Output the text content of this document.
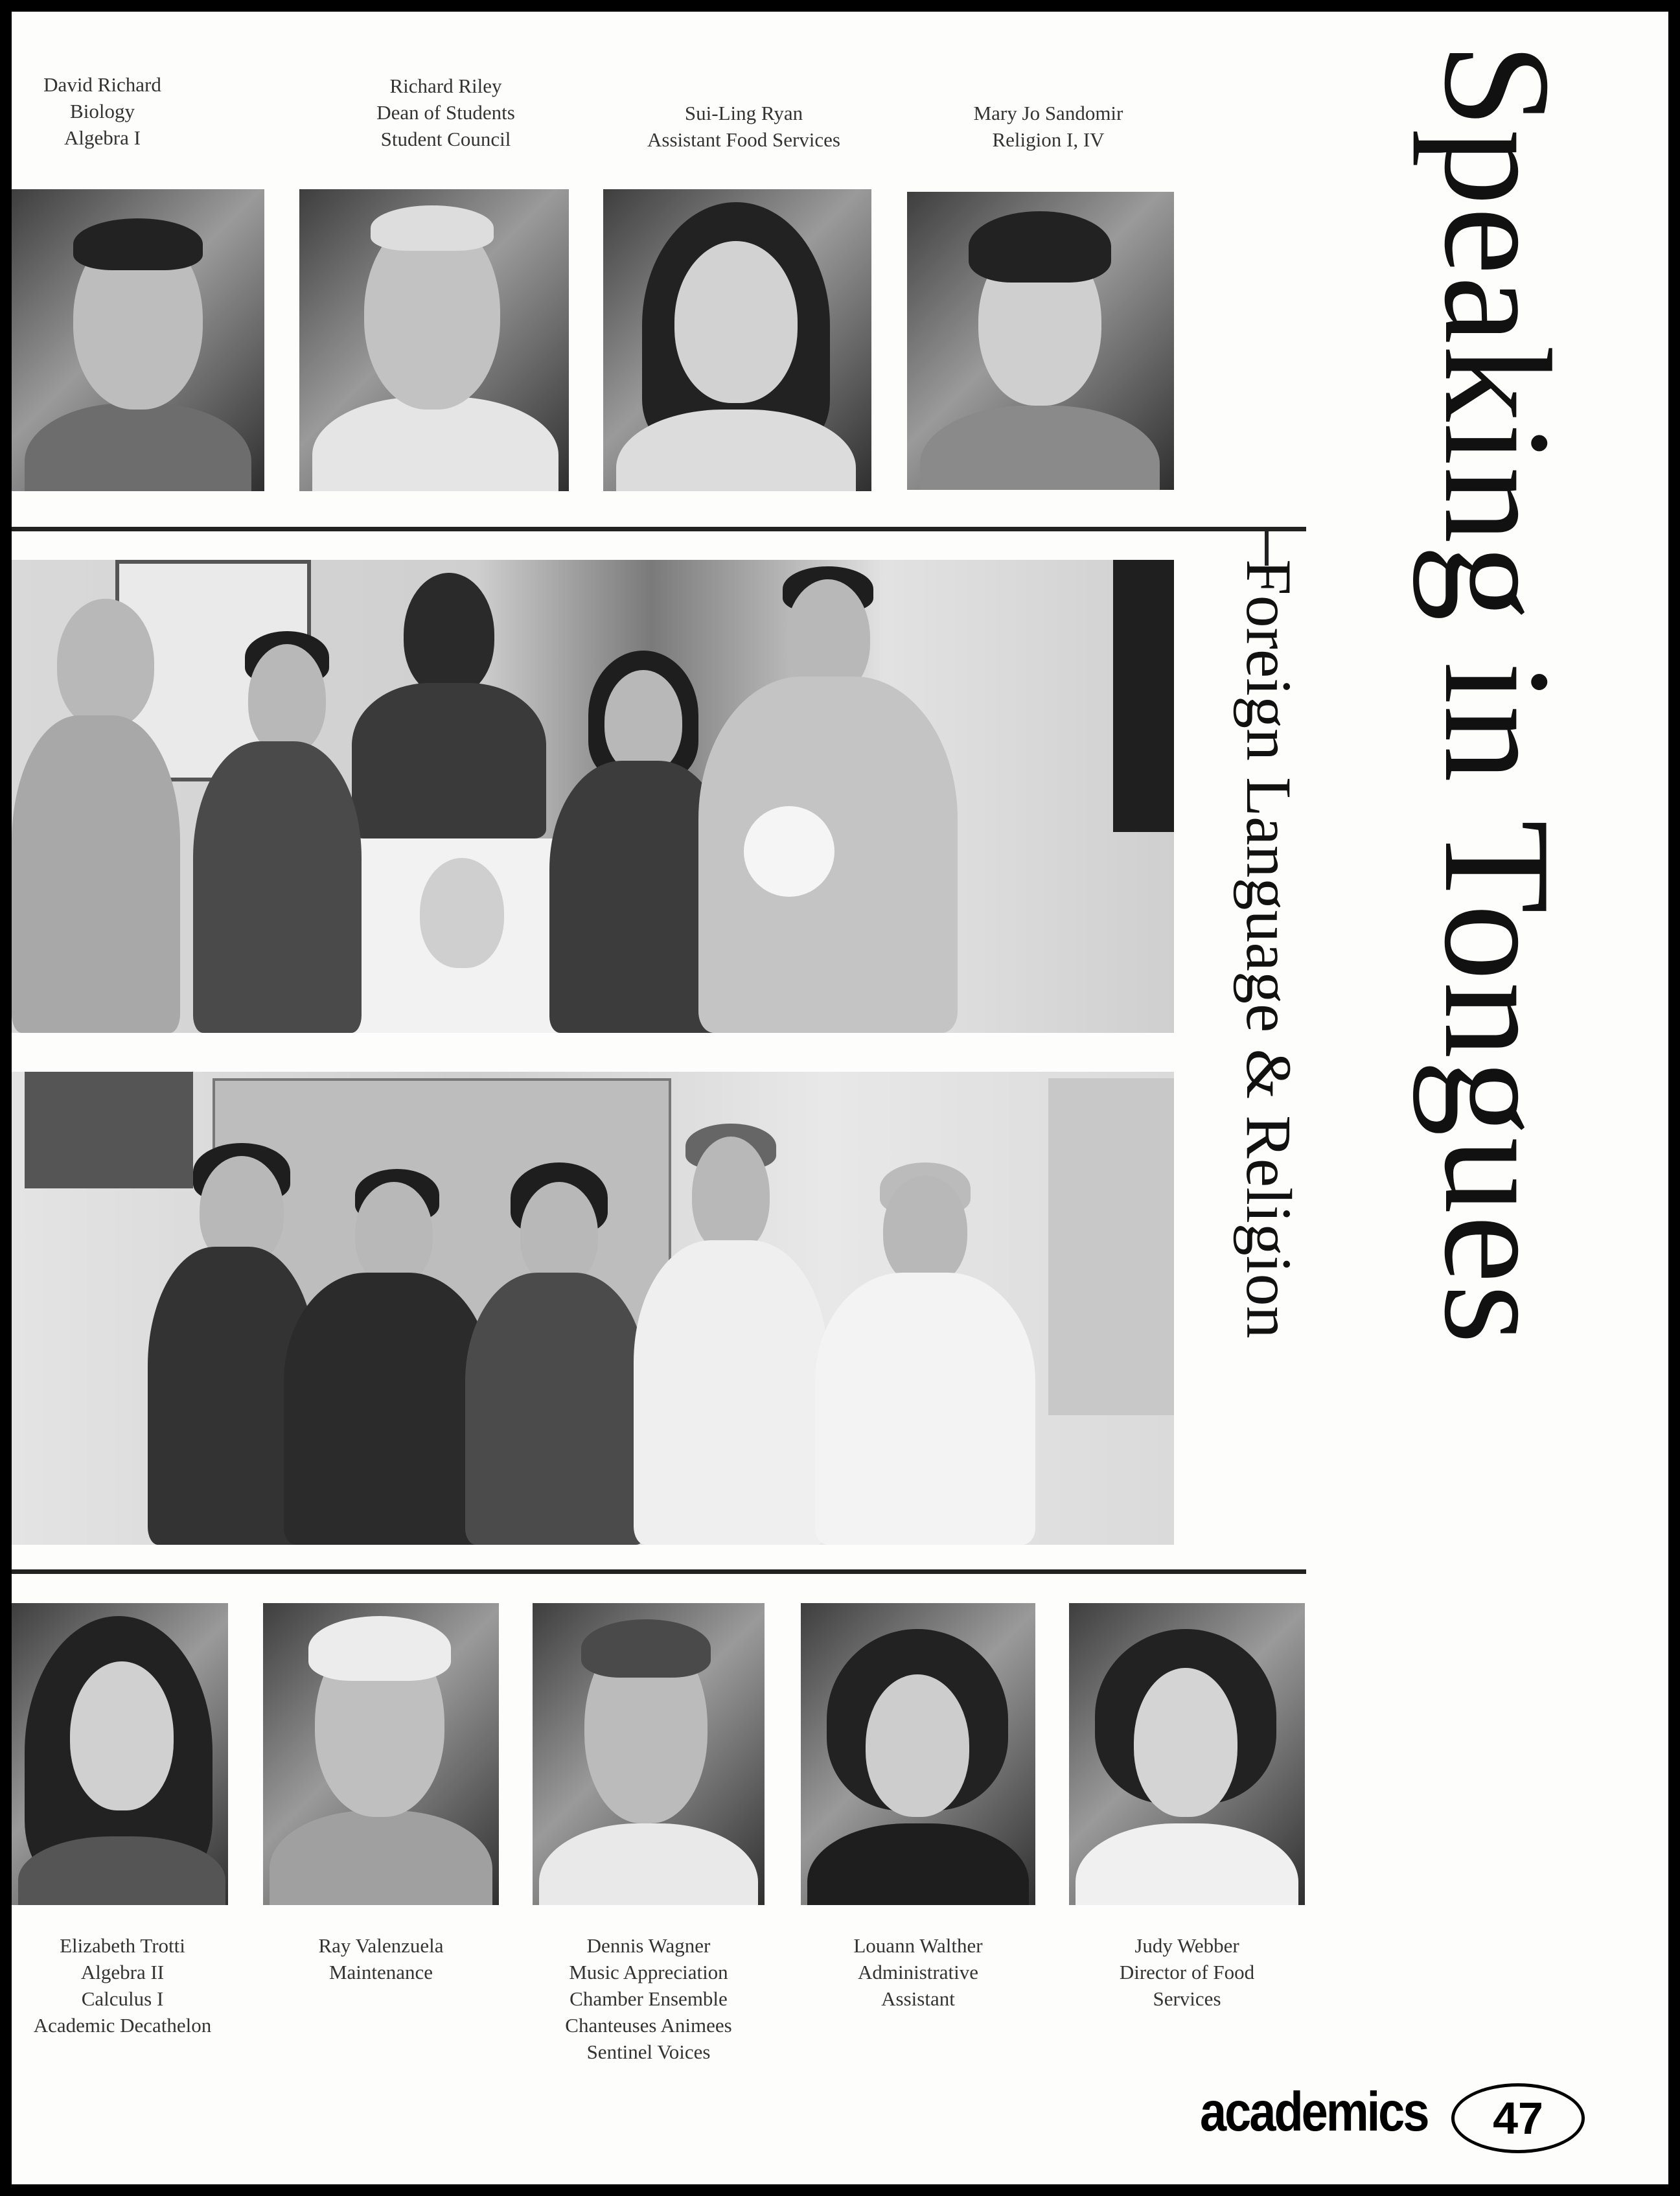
David Richard
Biology
Algebra I
Richard Riley
Dean of Students
Student Council
Sui-Ling Ryan
Assistant Food Services
Mary Jo Sandomir
Religion I, IV
Elizabeth Trotti
Algebra II
Calculus I
Academic Decathelon
Ray Valenzuela
Maintenance
Dennis Wagner
Music Appreciation
Chamber Ensemble
Chanteuses Animees
Sentinel Voices
Louann Walther
Administrative
Assistant
Judy Webber
Director of Food
Services
Speaking in Tongues
Foreign Language & Religion
academics 47
